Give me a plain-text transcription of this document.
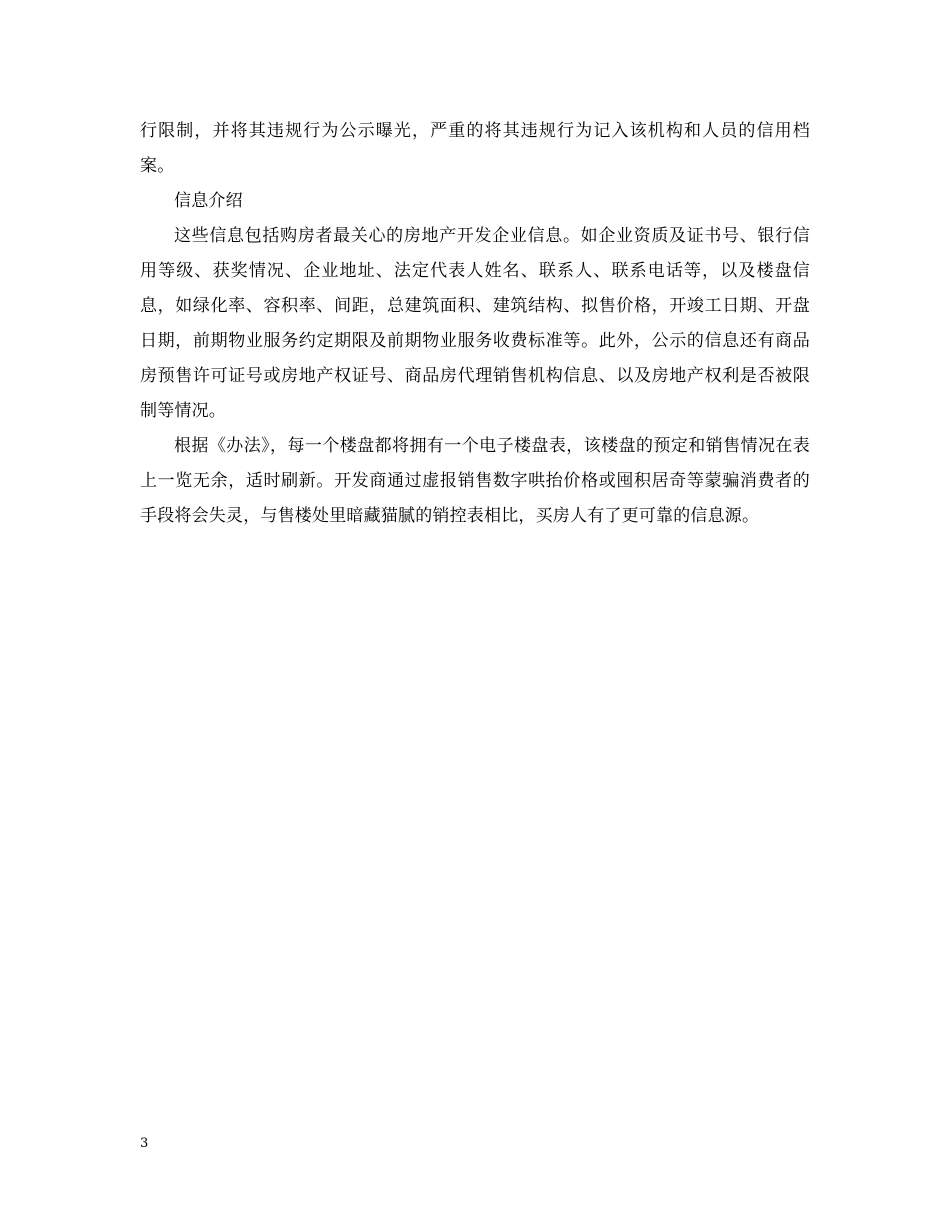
行限制，并将其违规行为公示曝光，严重的将其违规行为记入该机构和人员的信用档案。

信息介绍

这些信息包括购房者最关心的房地产开发企业信息。如企业资质及证书号、银行信用等级、获奖情况、企业地址、法定代表人姓名、联系人、联系电话等，以及楼盘信息，如绿化率、容积率、间距，总建筑面积、建筑结构、拟售价格，开竣工日期、开盘日期，前期物业服务约定期限及前期物业服务收费标准等。此外，公示的信息还有商品房预售许可证号或房地产权证号、商品房代理销售机构信息、以及房地产权利是否被限制等情况。

根据《办法》，每一个楼盘都将拥有一个电子楼盘表，该楼盘的预定和销售情况在表上一览无余，适时刷新。开发商通过虚报销售数字哄抬价格或囤积居奇等蒙骗消费者的手段将会失灵，与售楼处里暗藏猫腻的销控表相比，买房人有了更可靠的信息源。

3
